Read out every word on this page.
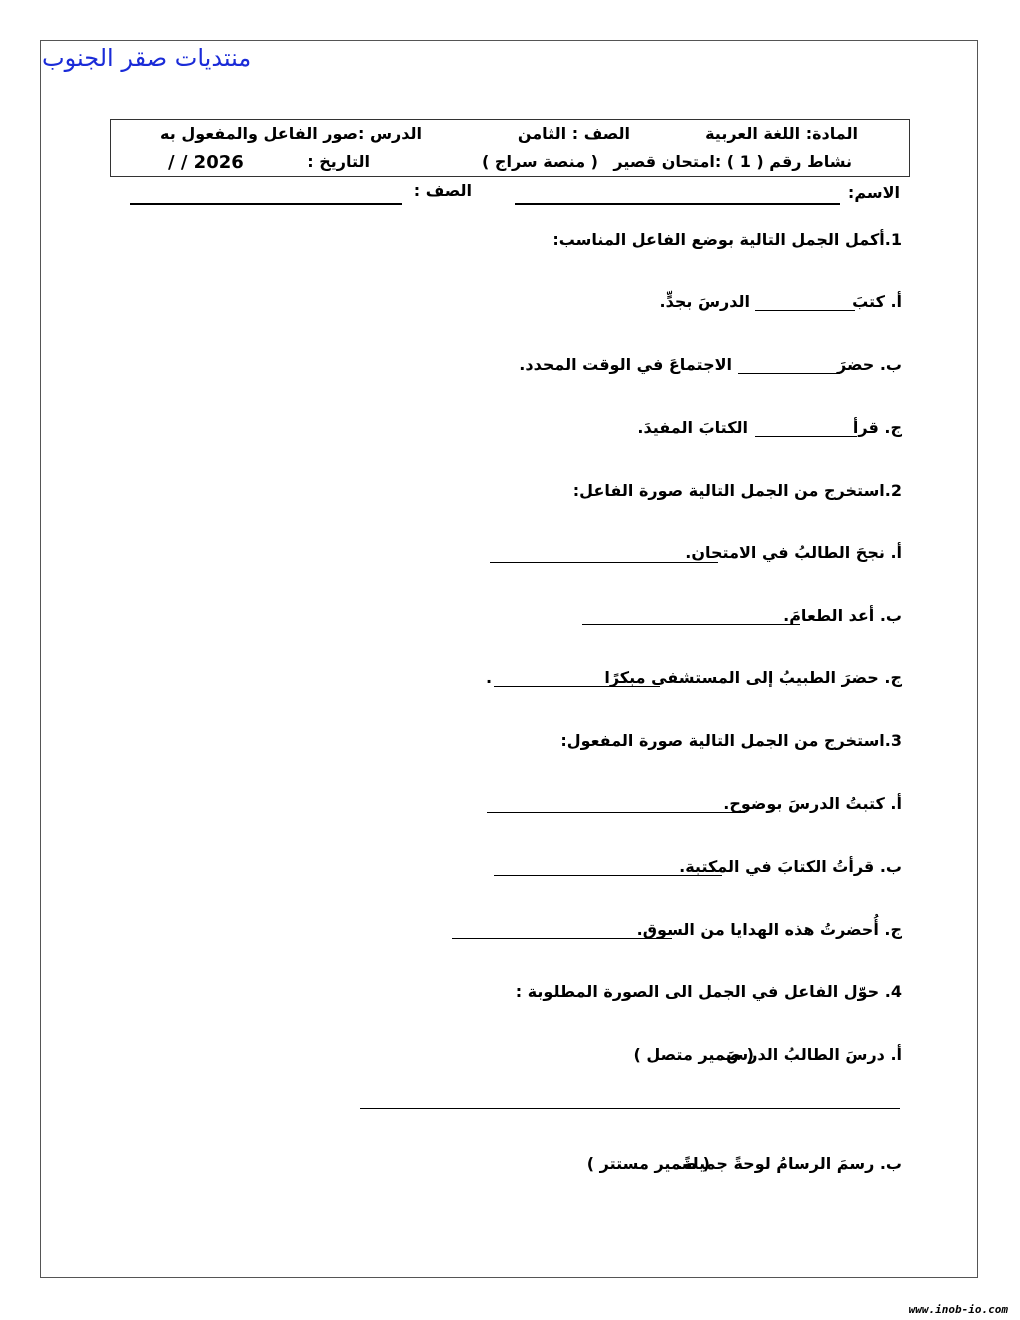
منتديات صقر الجنوب
المادة: اللغة العربية
الصف : الثامن
الدرس :صور الفاعل والمفعول به
نشاط رقم ( 1 ) :امتحان قصير
( منصة سراج )
التاريخ :
/ / 2026
الاسم:
الصف :
1.أكمل الجمل التالية بوضع الفاعل المناسب:
أ. كتبَ
الدرسَ بجدٍّ.
ب. حضرَ
الاجتماعَ في الوقت المحدد.
ج. قرأ
الكتابَ المفيدَ.
2.استخرج من الجمل التالية صورة الفاعل:
أ. نجحَ الطالبُ في الامتحان.
ب. أعد الطعامَ.
ج. حضرَ الطبيبُ إلى المستشفى مبكرًا
.
3.استخرج من الجمل التالية صورة المفعول:
أ. كتبتُ الدرسَ بوضوح.
ب. قرأتُ الكتابَ في المكتبة.
ج. أُحضرتُ هذه الهدايا من السوق.
4. حوّل الفاعل في الجمل الى الصورة المطلوبة :
أ. درسَ الطالبُ الدرسَ.
( ضمير متصل )
ب. رسمَ الرسامُ لوحةً جميلةً.
( ضمير مستتر )
www.inob-io.com
